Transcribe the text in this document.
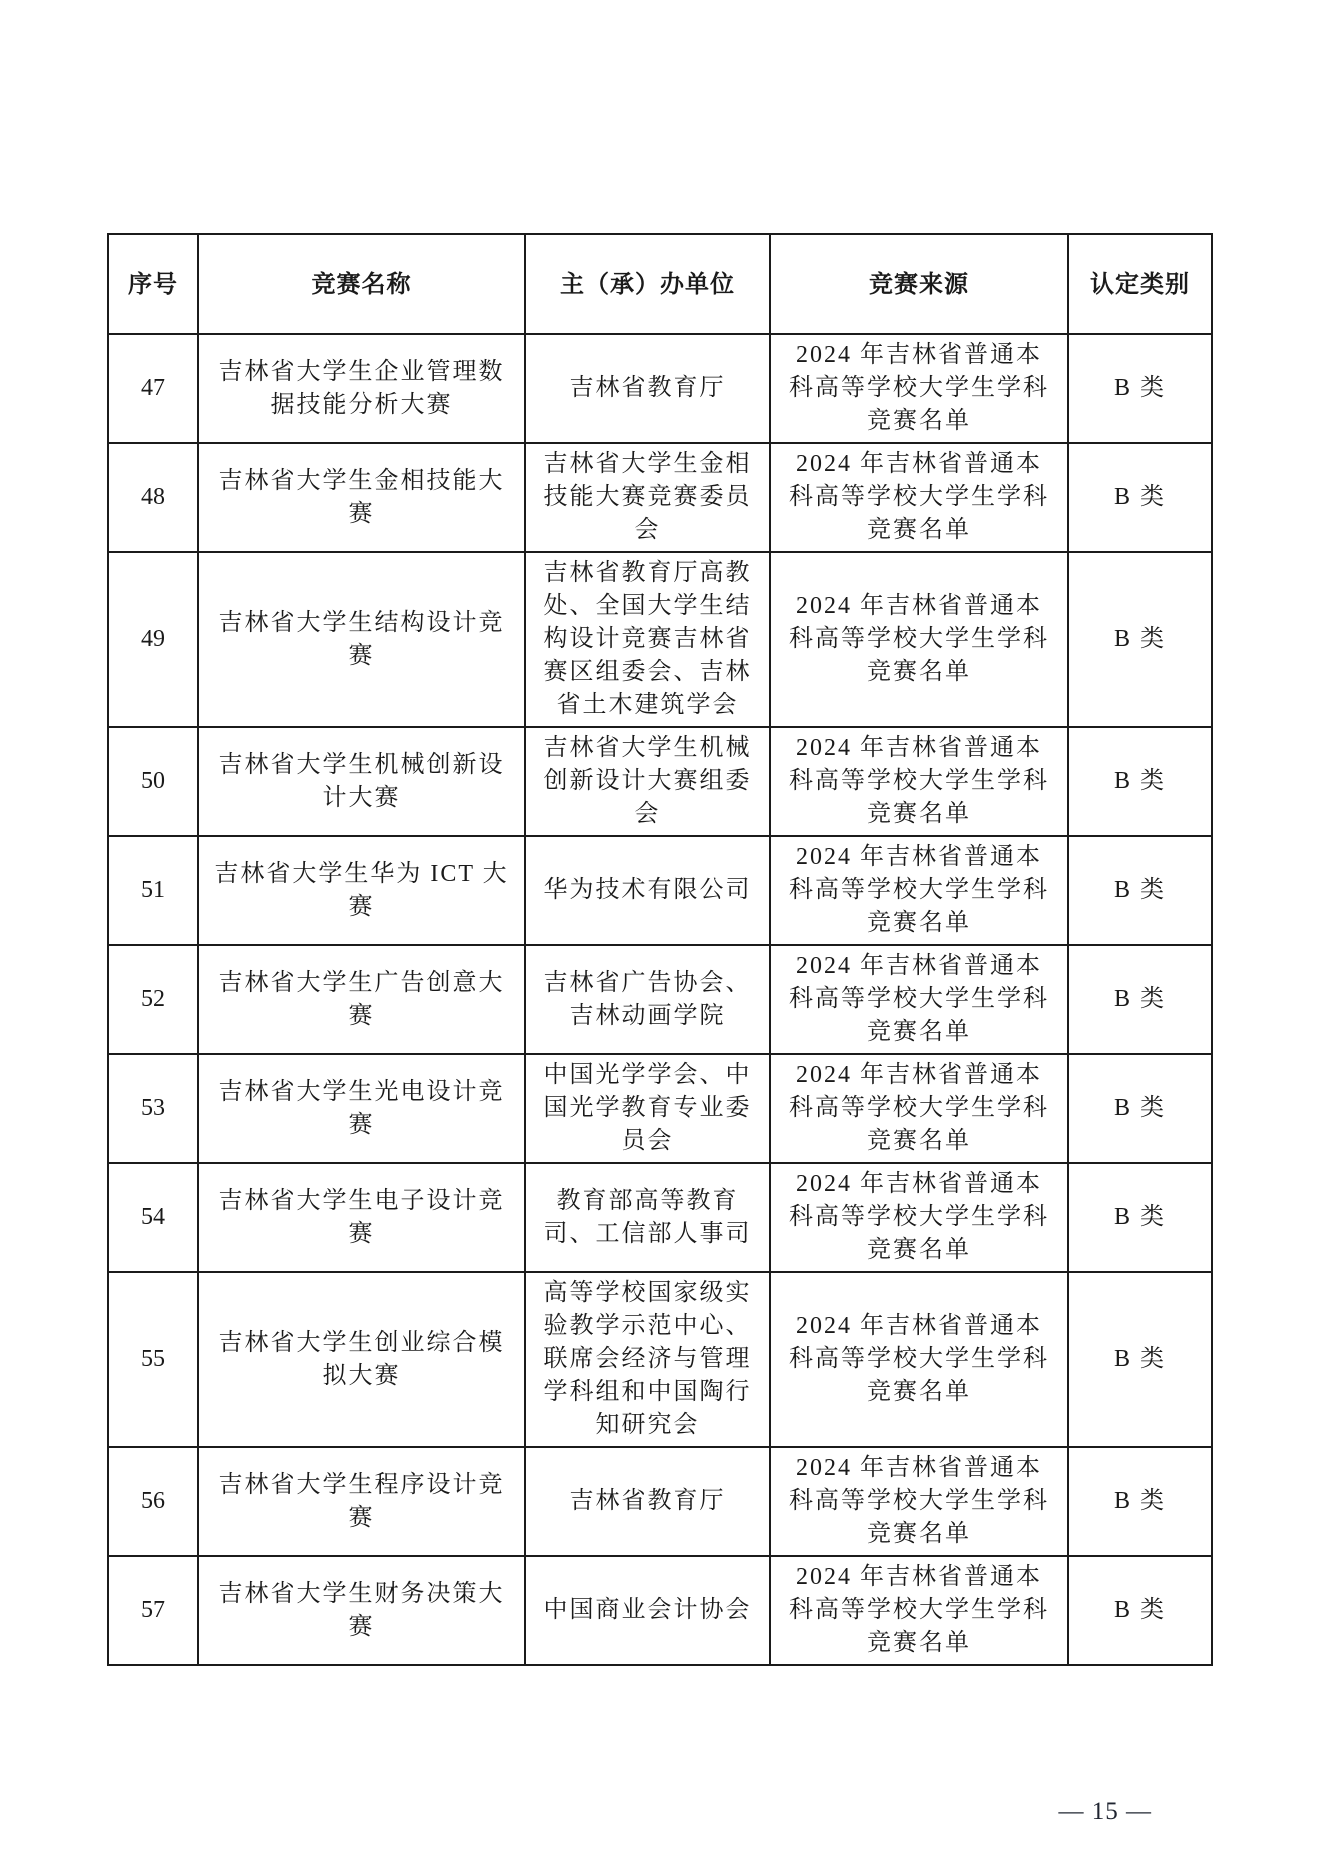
序号	竞赛名称	主（承）办单位	竞赛来源	认定类别
47	吉林省大学生企业管理数据技能分析大赛	吉林省教育厅	2024 年吉林省普通本科高等学校大学生学科竞赛名单	B 类
48	吉林省大学生金相技能大赛	吉林省大学生金相技能大赛竞赛委员会	2024 年吉林省普通本科高等学校大学生学科竞赛名单	B 类
49	吉林省大学生结构设计竞赛	吉林省教育厅高教处、全国大学生结构设计竞赛吉林省赛区组委会、吉林省土木建筑学会	2024 年吉林省普通本科高等学校大学生学科竞赛名单	B 类
50	吉林省大学生机械创新设计大赛	吉林省大学生机械创新设计大赛组委会	2024 年吉林省普通本科高等学校大学生学科竞赛名单	B 类
51	吉林省大学生华为 ICT 大赛	华为技术有限公司	2024 年吉林省普通本科高等学校大学生学科竞赛名单	B 类
52	吉林省大学生广告创意大赛	吉林省广告协会、吉林动画学院	2024 年吉林省普通本科高等学校大学生学科竞赛名单	B 类
53	吉林省大学生光电设计竞赛	中国光学学会、中国光学教育专业委员会	2024 年吉林省普通本科高等学校大学生学科竞赛名单	B 类
54	吉林省大学生电子设计竞赛	教育部高等教育司、工信部人事司	2024 年吉林省普通本科高等学校大学生学科竞赛名单	B 类
55	吉林省大学生创业综合模拟大赛	高等学校国家级实验教学示范中心、联席会经济与管理学科组和中国陶行知研究会	2024 年吉林省普通本科高等学校大学生学科竞赛名单	B 类
56	吉林省大学生程序设计竞赛	吉林省教育厅	2024 年吉林省普通本科高等学校大学生学科竞赛名单	B 类
57	吉林省大学生财务决策大赛	中国商业会计协会	2024 年吉林省普通本科高等学校大学生学科竞赛名单	B 类
— 15 —
